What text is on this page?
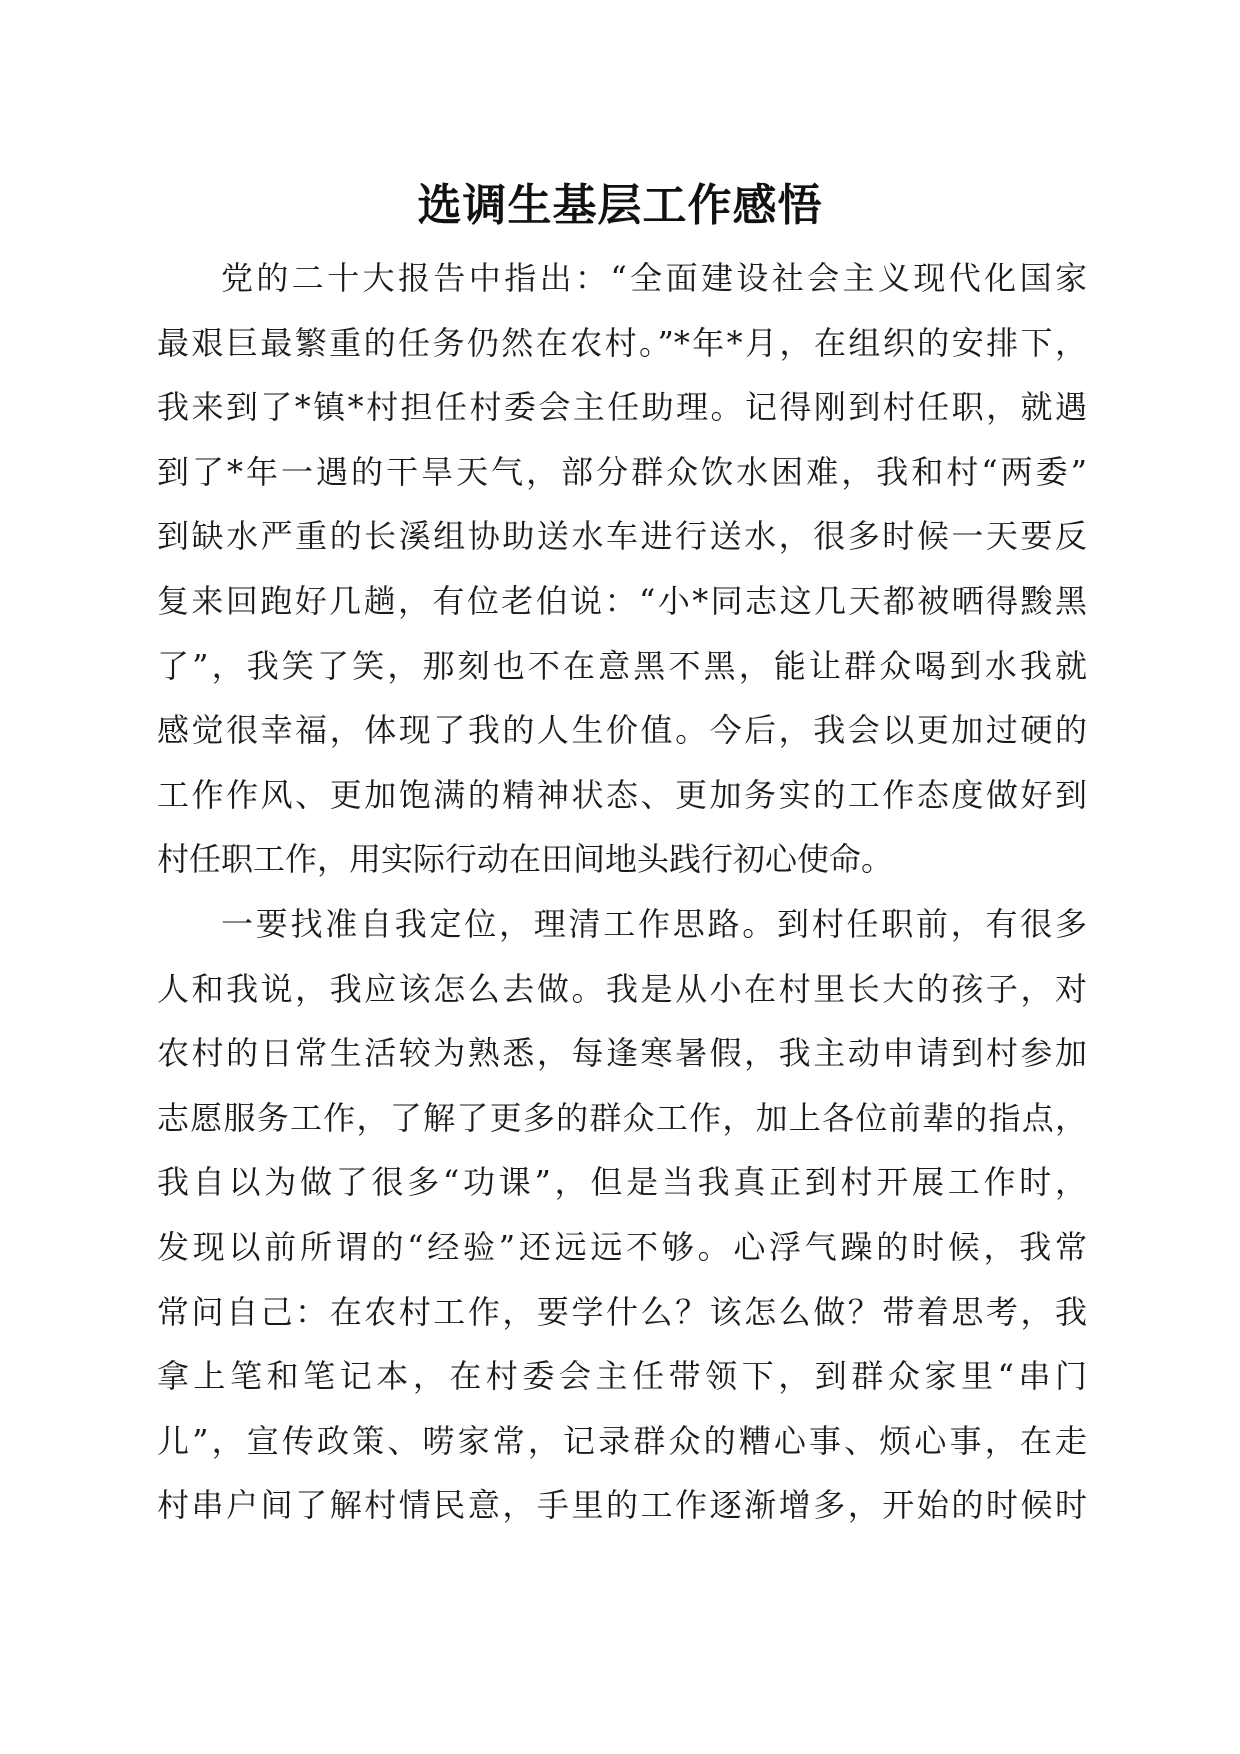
选调生基层工作感悟
党的二十大报告中指出：“全面建设社会主义现代化国家
最艰巨最繁重的任务仍然在农村。”*年*月，在组织的安排下，
我来到了*镇*村担任村委会主任助理。记得刚到村任职，就遇
到了*年一遇的干旱天气，部分群众饮水困难，我和村“两委”
到缺水严重的长溪组协助送水车进行送水，很多时候一天要反
复来回跑好几趟，有位老伯说：“小*同志这几天都被晒得黢黑
了”，我笑了笑，那刻也不在意黑不黑，能让群众喝到水我就
感觉很幸福，体现了我的人生价值。今后，我会以更加过硬的
工作作风、更加饱满的精神状态、更加务实的工作态度做好到
村任职工作，用实际行动在田间地头践行初心使命。
一要找准自我定位，理清工作思路。到村任职前，有很多
人和我说，我应该怎么去做。我是从小在村里长大的孩子，对
农村的日常生活较为熟悉，每逢寒暑假，我主动申请到村参加
志愿服务工作，了解了更多的群众工作，加上各位前辈的指点，
我自以为做了很多“功课”，但是当我真正到村开展工作时，
发现以前所谓的“经验”还远远不够。心浮气躁的时候，我常
常问自己：在农村工作，要学什么？该怎么做？带着思考，我
拿上笔和笔记本，在村委会主任带领下，到群众家里“串门
儿”，宣传政策、唠家常，记录群众的糟心事、烦心事，在走
村串户间了解村情民意，手里的工作逐渐增多，开始的时候时
